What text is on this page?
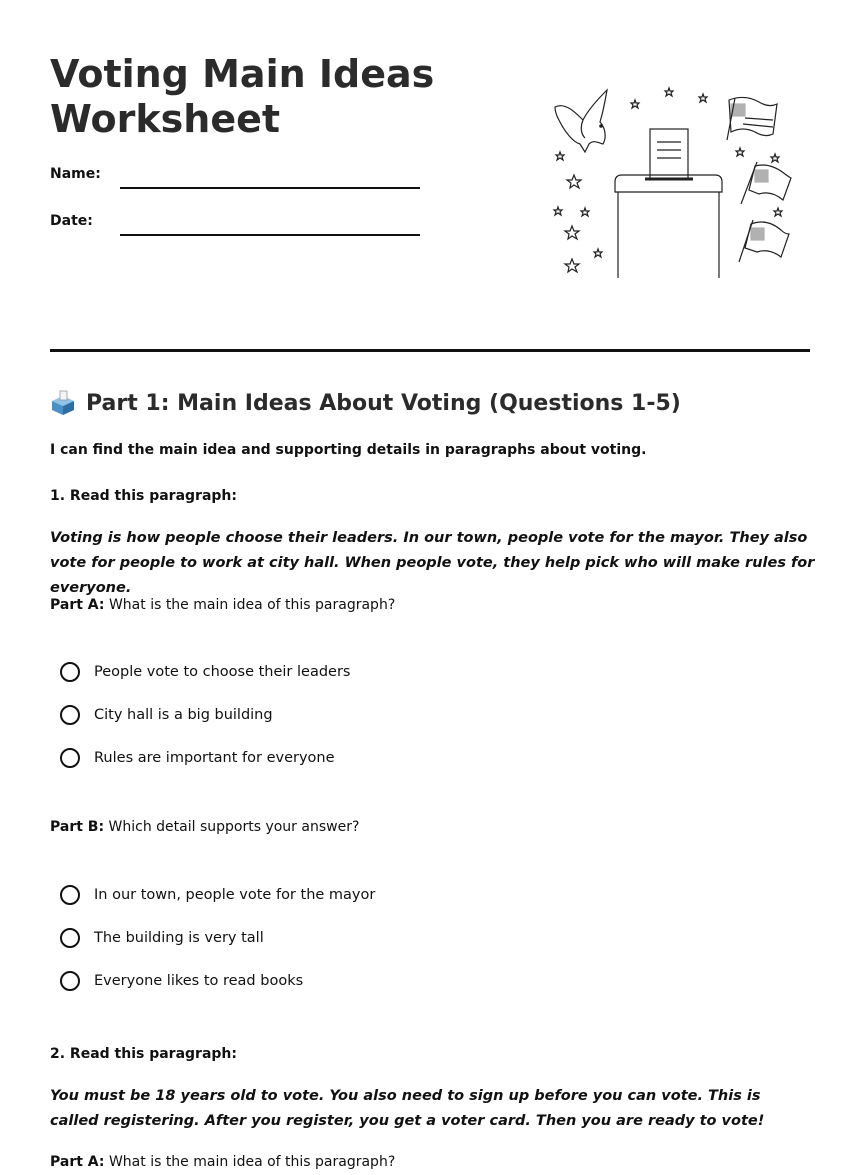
Voting Main Ideas Worksheet
Name:
Date:
Part 1: Main Ideas About Voting (Questions 1-5)
I can find the main idea and supporting details in paragraphs about voting.
1. Read this paragraph:
Voting is how people choose their leaders. In our town, people vote for the mayor. They also vote for people to work at city hall. When people vote, they help pick who will make rules for everyone.
Part A: What is the main idea of this paragraph?
People vote to choose their leaders
City hall is a big building
Rules are important for everyone
Part B: Which detail supports your answer?
In our town, people vote for the mayor
The building is very tall
Everyone likes to read books
2. Read this paragraph:
You must be 18 years old to vote. You also need to sign up before you can vote. This is called registering. After you register, you get a voter card. Then you are ready to vote!
Part A: What is the main idea of this paragraph?
